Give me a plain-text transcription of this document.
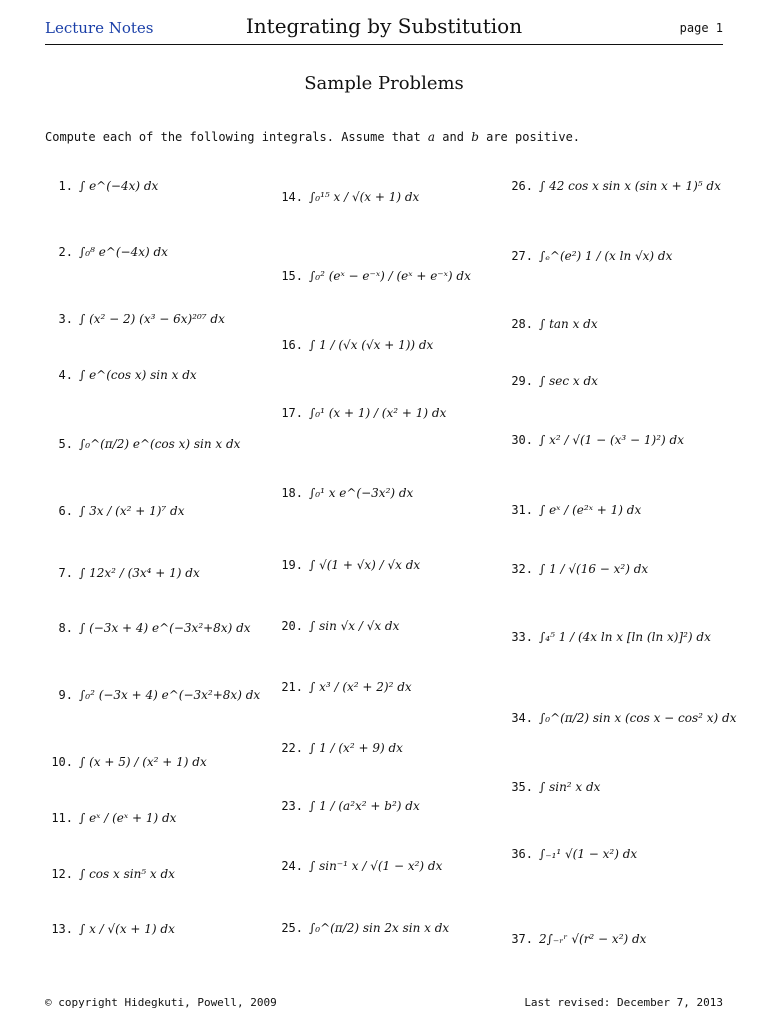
Lecture Notes	Integrating by Substitution	page 1
Sample Problems
Compute each of the following integrals. Assume that a and b are positive.
1. ∫ e^(−4x) dx
2. ∫₀⁸ e^(−4x) dx
3. ∫ (x² − 2) (x³ − 6x)²⁰⁷ dx
4. ∫ e^(cos x) sin x dx
5. ∫₀^(π/2) e^(cos x) sin x dx
6. ∫ 3x / (x² + 1)⁷ dx
7. ∫ 12x² / (3x⁴ + 1) dx
8. ∫ (−3x + 4) e^(−3x²+8x) dx
9. ∫₀² (−3x + 4) e^(−3x²+8x) dx
10. ∫ (x + 5) / (x² + 1) dx
11. ∫ eˣ / (eˣ + 1) dx
12. ∫ cos x sin⁵ x dx
13. ∫ x / √(x + 1) dx
14. ∫₀¹⁵ x / √(x + 1) dx
15. ∫₀² (eˣ − e⁻ˣ) / (eˣ + e⁻ˣ) dx
16. ∫ 1 / (√x (√x + 1)) dx
17. ∫₀¹ (x + 1) / (x² + 1) dx
18. ∫₀¹ x e^(−3x²) dx
19. ∫ √(1 + √x) / √x dx
20. ∫ sin √x / √x dx
21. ∫ x³ / (x² + 2)² dx
22. ∫ 1 / (x² + 9) dx
23. ∫ 1 / (a²x² + b²) dx
24. ∫ sin⁻¹ x / √(1 − x²) dx
25. ∫₀^(π/2) sin 2x sin x dx
26. ∫ 42 cos x sin x (sin x + 1)⁵ dx
27. ∫ₑ^(e²) 1 / (x ln √x) dx
28. ∫ tan x dx
29. ∫ sec x dx
30. ∫ x² / √(1 − (x³ − 1)²) dx
31. ∫ eˣ / (e²ˣ + 1) dx
32. ∫ 1 / √(16 − x²) dx
33. ∫₄⁵ 1 / (4x ln x [ln (ln x)]²) dx
34. ∫₀^(π/2) sin x (cos x − cos² x) dx
35. ∫ sin² x dx
36. ∫₋₁¹ √(1 − x²) dx
37. 2∫₋ᵣʳ √(r² − x²) dx
© copyright Hidegkuti, Powell, 2009	Last revised: December 7, 2013
